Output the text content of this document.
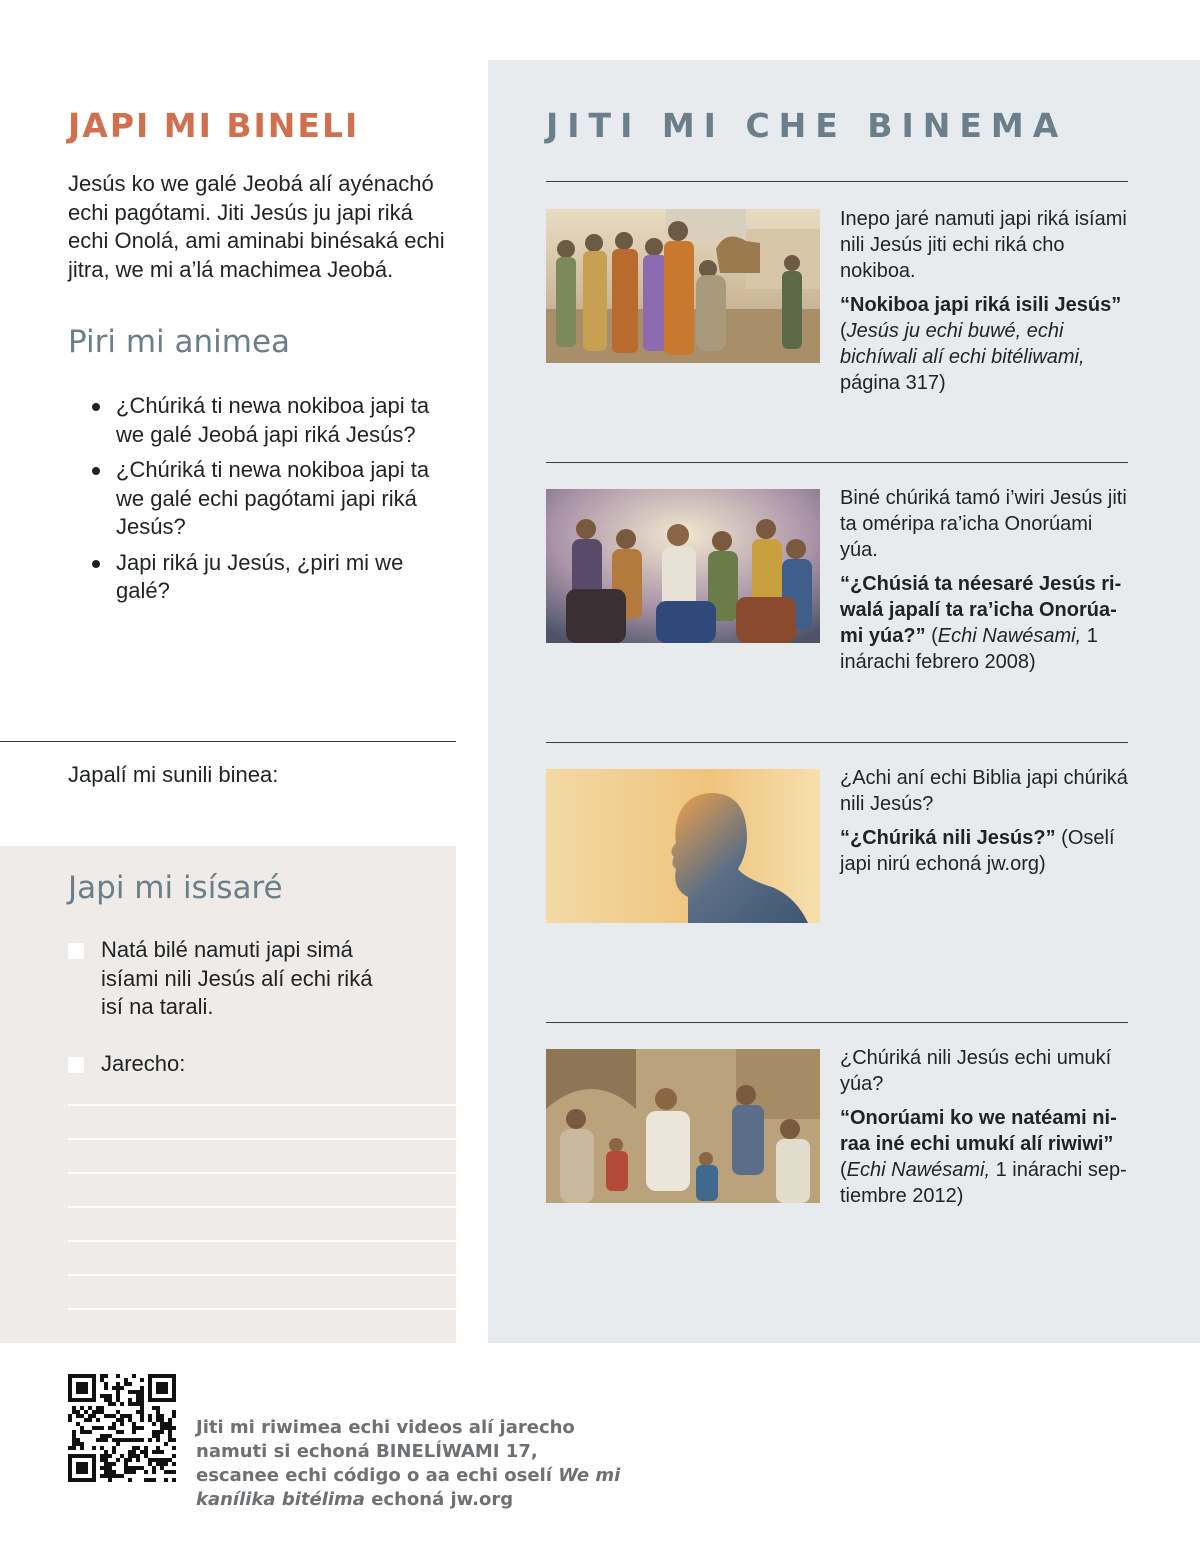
JAPI MI BINELI

Jesús ko we galé Jeobá alí ayénachó echi pagótami. Jiti Jesús ju japi riká echi Onolá, ami aminabi binésaká echi jitra, we mi a’lá machimea Jeobá.

Piri mi animea
¿Chúriká ti newa nokiboa japi ta we galé Jeobá japi riká Jesús?
¿Chúriká ti newa nokiboa japi ta we galé echi pagótami japi riká Jesús?
Japi riká ju Jesús, ¿piri mi we galé?
Japalí mi sunili binea:
Japi mi isísaré
Natá bilé namuti japi simá isíami nili Jesús alí echi riká isí na tarali.
Jarecho:
JITI MI CHE BINEMA

Inepo jaré namuti japi riká isíami nili Jesús jiti echi riká cho nokiboa.

“Nokiboa japi riká isili Jesús” (Jesús ju echi buwé, echi bichíwali alí echi bitéliwami, página 317)

Biné chúriká tamó i’wiri Jesús jiti ta oméripa ra’icha Onorúami yúa.

“¿Chúsiá ta néesaré Jesús riwalá japalí ta ra’icha Onorúami yúa?” (Echi Nawésami, 1 inárachi febrero 2008)

¿Achi aní echi Biblia japi chúriká nili Jesús?

“¿Chúriká nili Jesús?” (Oselí japi nirú echoná jw.org)

¿Chúriká nili Jesús echi umukí yúa?

“Onorúami ko we natéami niraa iné echi umukí alí riwiwi” (Echi Nawésami, 1 inárachi septiembre 2012)

Jiti mi riwimea echi videos alí jarecho namuti si echoná BINELÍWAMI 17, escanee echi código o aa echi oselí We mi kanílika bitélima echoná jw.org
